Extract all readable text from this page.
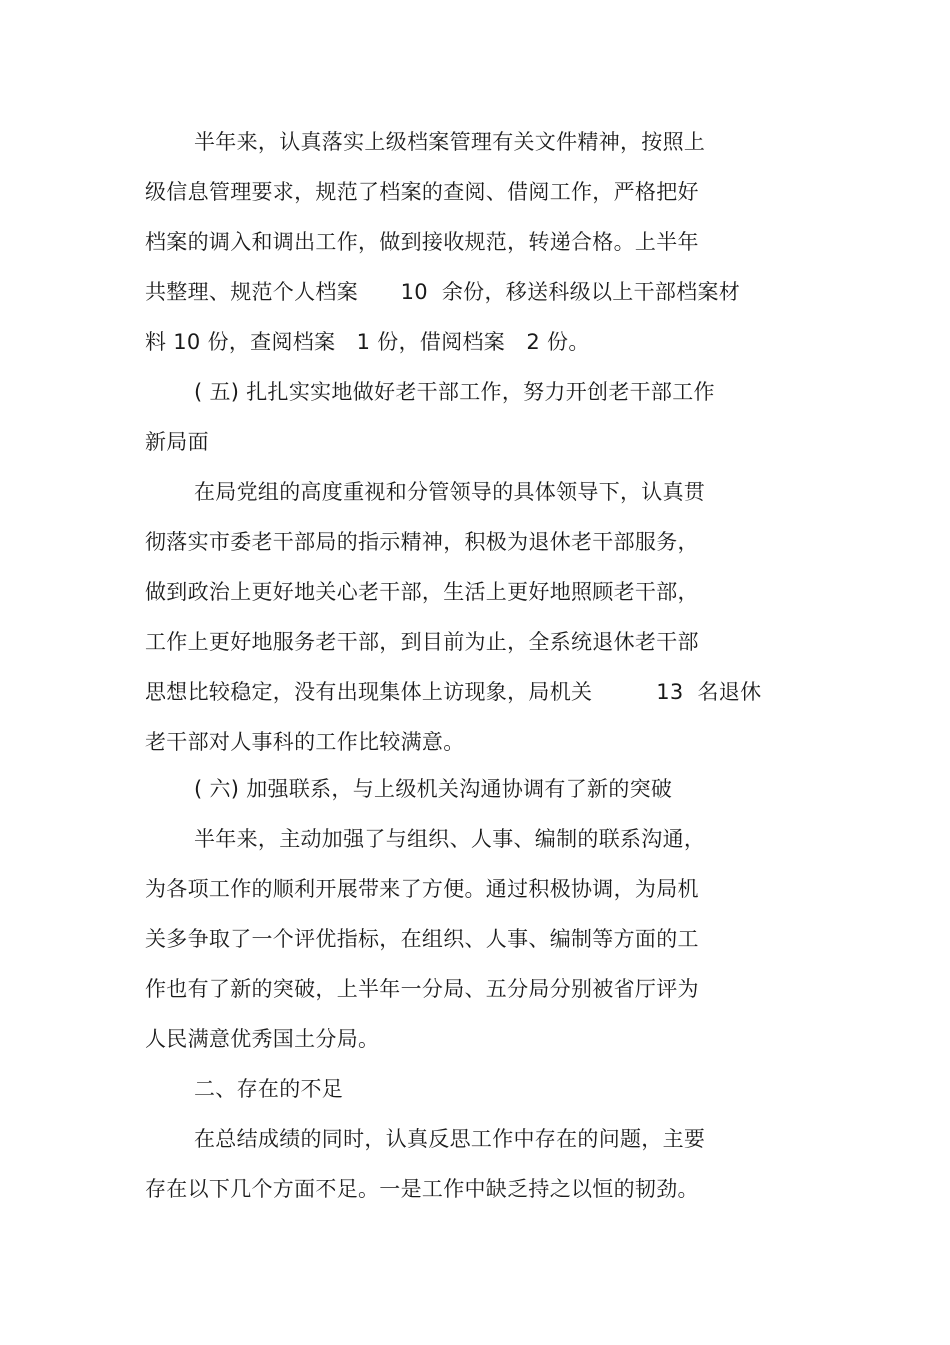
半年来，认真落实上级档案管理有关文件精神，按照上
级信息管理要求，规范了档案的查阅、借阅工作，严格把好
档案的调入和调出工作，做到接收规范，转递合格。上半年
共整理、规范个人档案　　10  余份，移送科级以上干部档案材
料 10 份，查阅档案　1 份，借阅档案　2 份。
( 五) 扎扎实实地做好老干部工作，努力开创老干部工作
新局面
在局党组的高度重视和分管领导的具体领导下，认真贯
彻落实市委老干部局的指示精神，积极为退休老干部服务，
做到政治上更好地关心老干部，生活上更好地照顾老干部，
工作上更好地服务老干部，到目前为止，全系统退休老干部
思想比较稳定，没有出现集体上访现象，局机关　　　13  名退休
老干部对人事科的工作比较满意。
( 六) 加强联系，与上级机关沟通协调有了新的突破
半年来，主动加强了与组织、人事、编制的联系沟通，
为各项工作的顺利开展带来了方便。通过积极协调，为局机
关多争取了一个评优指标，在组织、人事、编制等方面的工
作也有了新的突破，上半年一分局、五分局分别被省厅评为
人民满意优秀国土分局。
二、存在的不足
在总结成绩的同时，认真反思工作中存在的问题，主要
存在以下几个方面不足。一是工作中缺乏持之以恒的韧劲。
